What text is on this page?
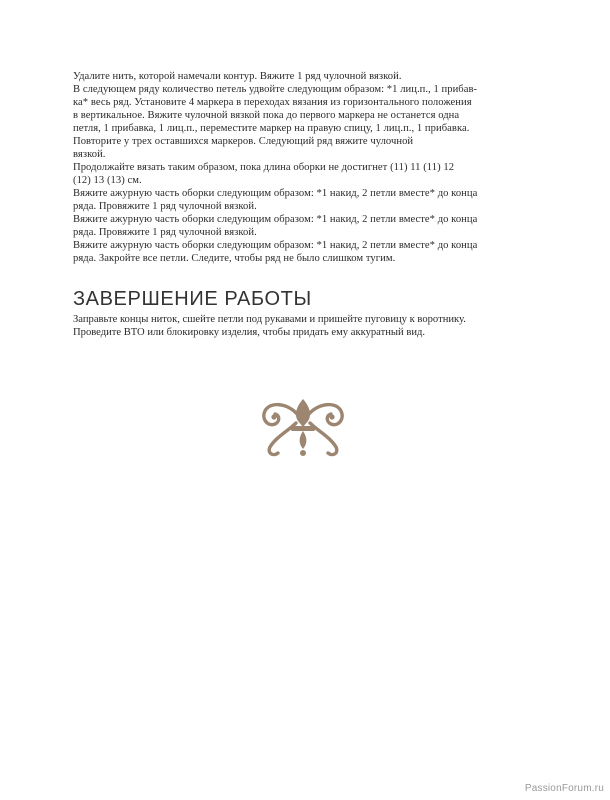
Удалите нить, которой намечали контур. Вяжите 1 ряд чулочной вязкой.

В следующем ряду количество петель удвойте следующим образом: *1 лиц.п., 1 прибав-

ка* весь ряд. Установите 4 маркера в переходах вязания из горизонтального положения

в вертикальное. Вяжите чулочной вязкой пока до первого маркера не останется одна

петля, 1 прибавка, 1 лиц.п., переместите маркер на правую спицу, 1 лиц.п., 1 прибавка.

Повторите у трех оставшихся маркеров. Следующий ряд вяжите чулочной

вязкой.

Продолжайте вязать таким образом, пока длина оборки не достигнет (11) 11 (11) 12

(12) 13 (13) см.

Вяжите ажурную часть оборки следующим образом: *1 накид, 2 петли вместе* до конца

ряда. Провяжите 1 ряд чулочной вязкой.

Вяжите ажурную часть оборки следующим образом: *1 накид, 2 петли вместе* до конца

ряда. Провяжите 1 ряд чулочной вязкой.

Вяжите ажурную часть оборки следующим образом: *1 накид, 2 петли вместе* до конца

ряда. Закройте все петли. Следите, чтобы ряд не было слишком тугим.

ЗАВЕРШЕНИЕ РАБОТЫ

Заправьте концы ниток, сшейте петли под рукавами и пришейте пуговицу к воротнику.

Проведите ВТО или блокировку изделия, чтобы придать ему аккуратный вид.

PassionForum.ru
